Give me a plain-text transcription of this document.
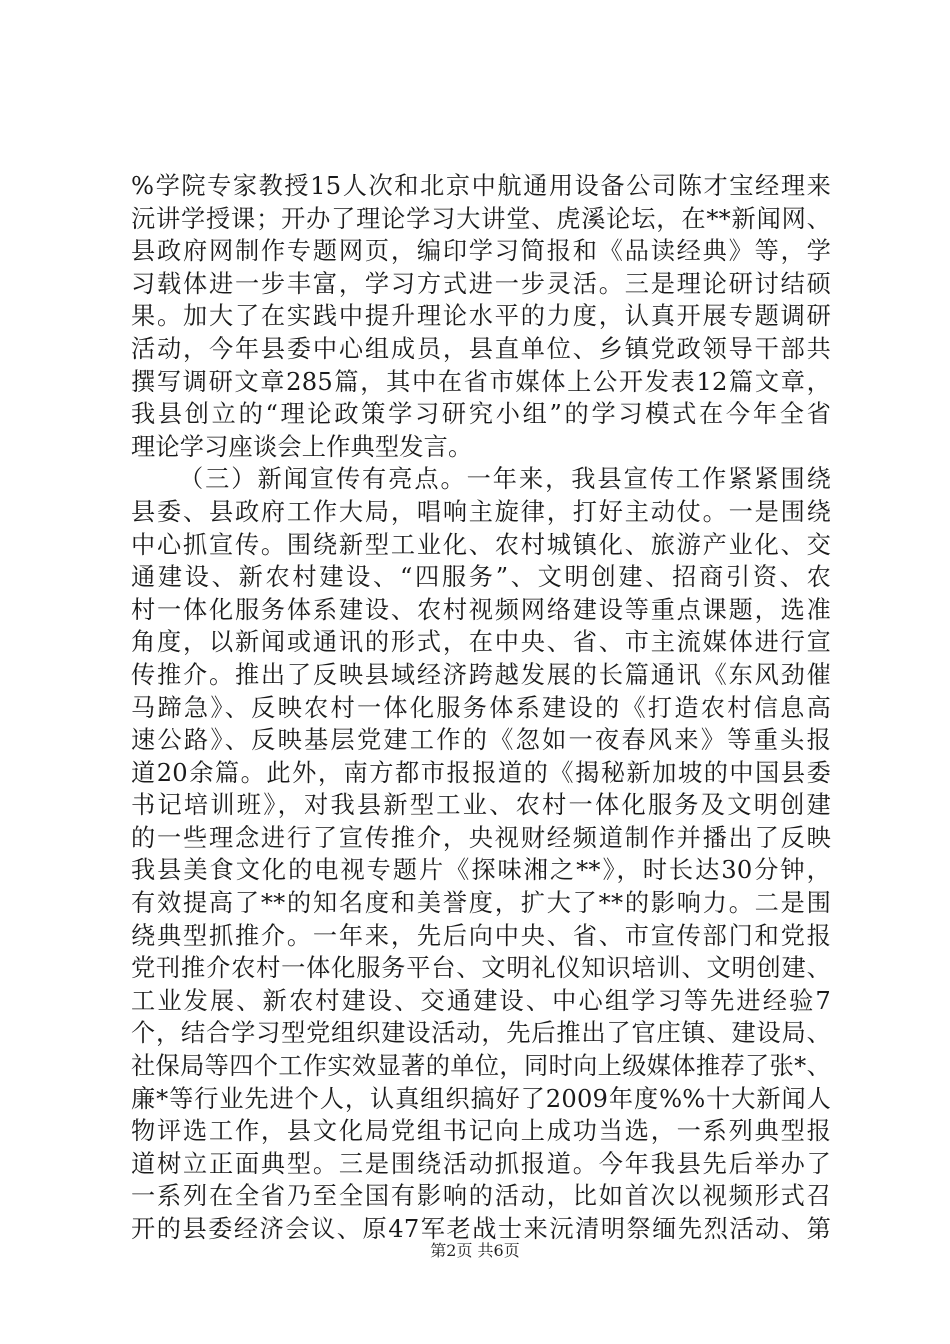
%学院专家教授15人次和北京中航通用设备公司陈才宝经理来
沅讲学授课；开办了理论学习大讲堂、虎溪论坛，在**新闻网、
县政府网制作专题网页，编印学习简报和《品读经典》等，学
习载体进一步丰富，学习方式进一步灵活。三是理论研讨结硕
果。加大了在实践中提升理论水平的力度，认真开展专题调研
活动，今年县委中心组成员，县直单位、乡镇党政领导干部共
撰写调研文章285篇，其中在省市媒体上公开发表12篇文章，
我县创立的“理论政策学习研究小组”的学习模式在今年全省
理论学习座谈会上作典型发言。
（三）新闻宣传有亮点。一年来，我县宣传工作紧紧围绕
县委、县政府工作大局，唱响主旋律，打好主动仗。一是围绕
中心抓宣传。围绕新型工业化、农村城镇化、旅游产业化、交
通建设、新农村建设、“四服务”、文明创建、招商引资、农
村一体化服务体系建设、农村视频网络建设等重点课题，选准
角度，以新闻或通讯的形式，在中央、省、市主流媒体进行宣
传推介。推出了反映县域经济跨越发展的长篇通讯《东风劲催
马蹄急》、反映农村一体化服务体系建设的《打造农村信息高
速公路》、反映基层党建工作的《忽如一夜春风来》等重头报
道20余篇。此外，南方都市报报道的《揭秘新加坡的中国县委
书记培训班》，对我县新型工业、农村一体化服务及文明创建
的一些理念进行了宣传推介，央视财经频道制作并播出了反映
我县美食文化的电视专题片《探味湘之**》，时长达30分钟，
有效提高了**的知名度和美誉度，扩大了**的影响力。二是围
绕典型抓推介。一年来，先后向中央、省、市宣传部门和党报
党刊推介农村一体化服务平台、文明礼仪知识培训、文明创建、
工业发展、新农村建设、交通建设、中心组学习等先进经验7
个，结合学习型党组织建设活动，先后推出了官庄镇、建设局、
社保局等四个工作实效显著的单位，同时向上级媒体推荐了张*、
廉*等行业先进个人，认真组织搞好了2009年度%%十大新闻人
物评选工作，县文化局党组书记向上成功当选，一系列典型报
道树立正面典型。三是围绕活动抓报道。今年我县先后举办了
一系列在全省乃至全国有影响的活动，比如首次以视频形式召
开的县委经济会议、原47军老战士来沅清明祭缅先烈活动、第
第2页 共6页
